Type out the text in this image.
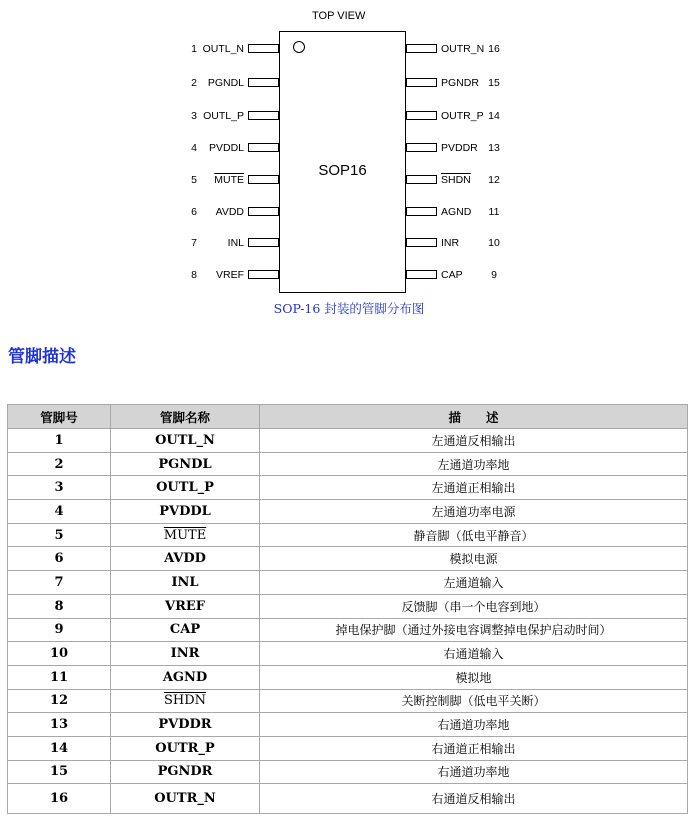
TOP VIEW
SOP16
1 OUTL_N
2 PGNDL
3 OUTL_P
4 PVDDL
5 MUTE
6 AVDD
7	INL
8 VREF
16
OUTR_N
15
PGNDR
14
OUTR_P
13
PVDDR
12
SHDN
11
AGND
10
INR
9
CAP
SOP-16 封装的管脚分布图
管脚描述
管脚号	管脚名称	描　　述
1	OUTL_N	左通道反相输出
2	PGNDL	左通道功率地
3	OUTL_P	左通道正相输出
4	PVDDL	左通道功率电源
5	MUTE	静音脚（低电平静音）
6	AVDD	模拟电源
7	INL	左通道输入
8	VREF	反馈脚（串一个电容到地）
9	CAP	掉电保护脚（通过外接电容调整掉电保护启动时间）
10	INR	右通道输入
11	AGND	模拟地
12	SHDN	关断控制脚（低电平关断）
13	PVDDR	右通道功率地
14	OUTR_P	右通道正相输出
15	PGNDR	右通道功率地
16	OUTR_N	右通道反相输出
